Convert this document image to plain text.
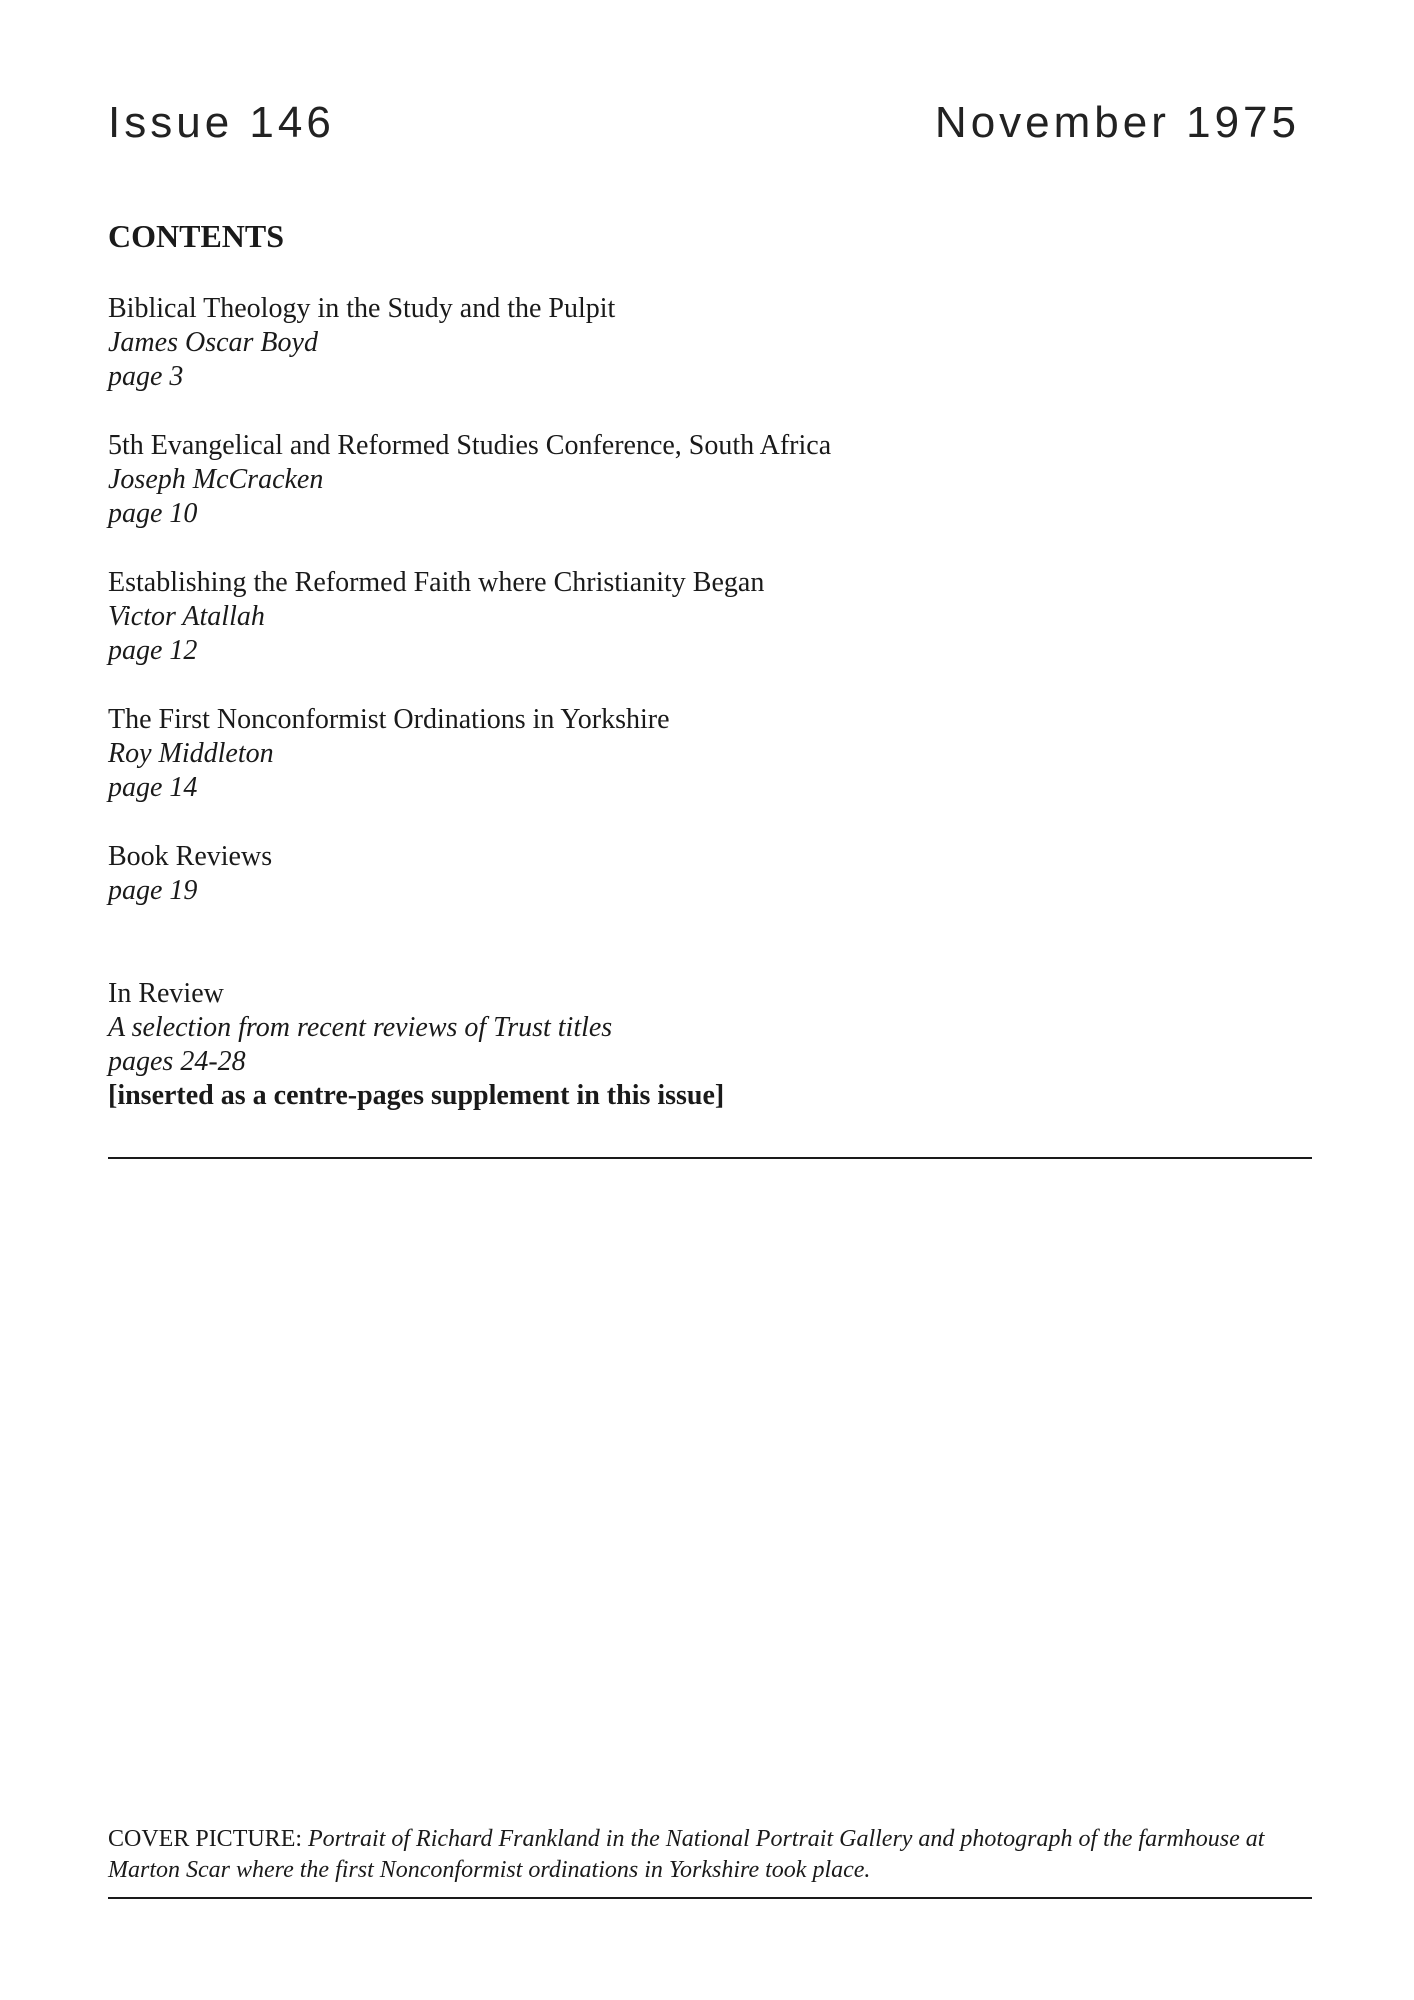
Issue 146	November 1975
CONTENTS
Biblical Theology in the Study and the Pulpit
James Oscar Boyd
page 3
5th Evangelical and Reformed Studies Conference, South Africa
Joseph McCracken
page 10
Establishing the Reformed Faith where Christianity Began
Victor Atallah
page 12
The First Nonconformist Ordinations in Yorkshire
Roy Middleton
page 14
Book Reviews
page 19
In Review
A selection from recent reviews of Trust titles
pages 24-28
[inserted as a centre-pages supplement in this issue]
COVER PICTURE: Portrait of Richard Frankland in the National Portrait Gallery and photograph of the farmhouse at Marton Scar where the first Nonconformist ordinations in Yorkshire took place.
